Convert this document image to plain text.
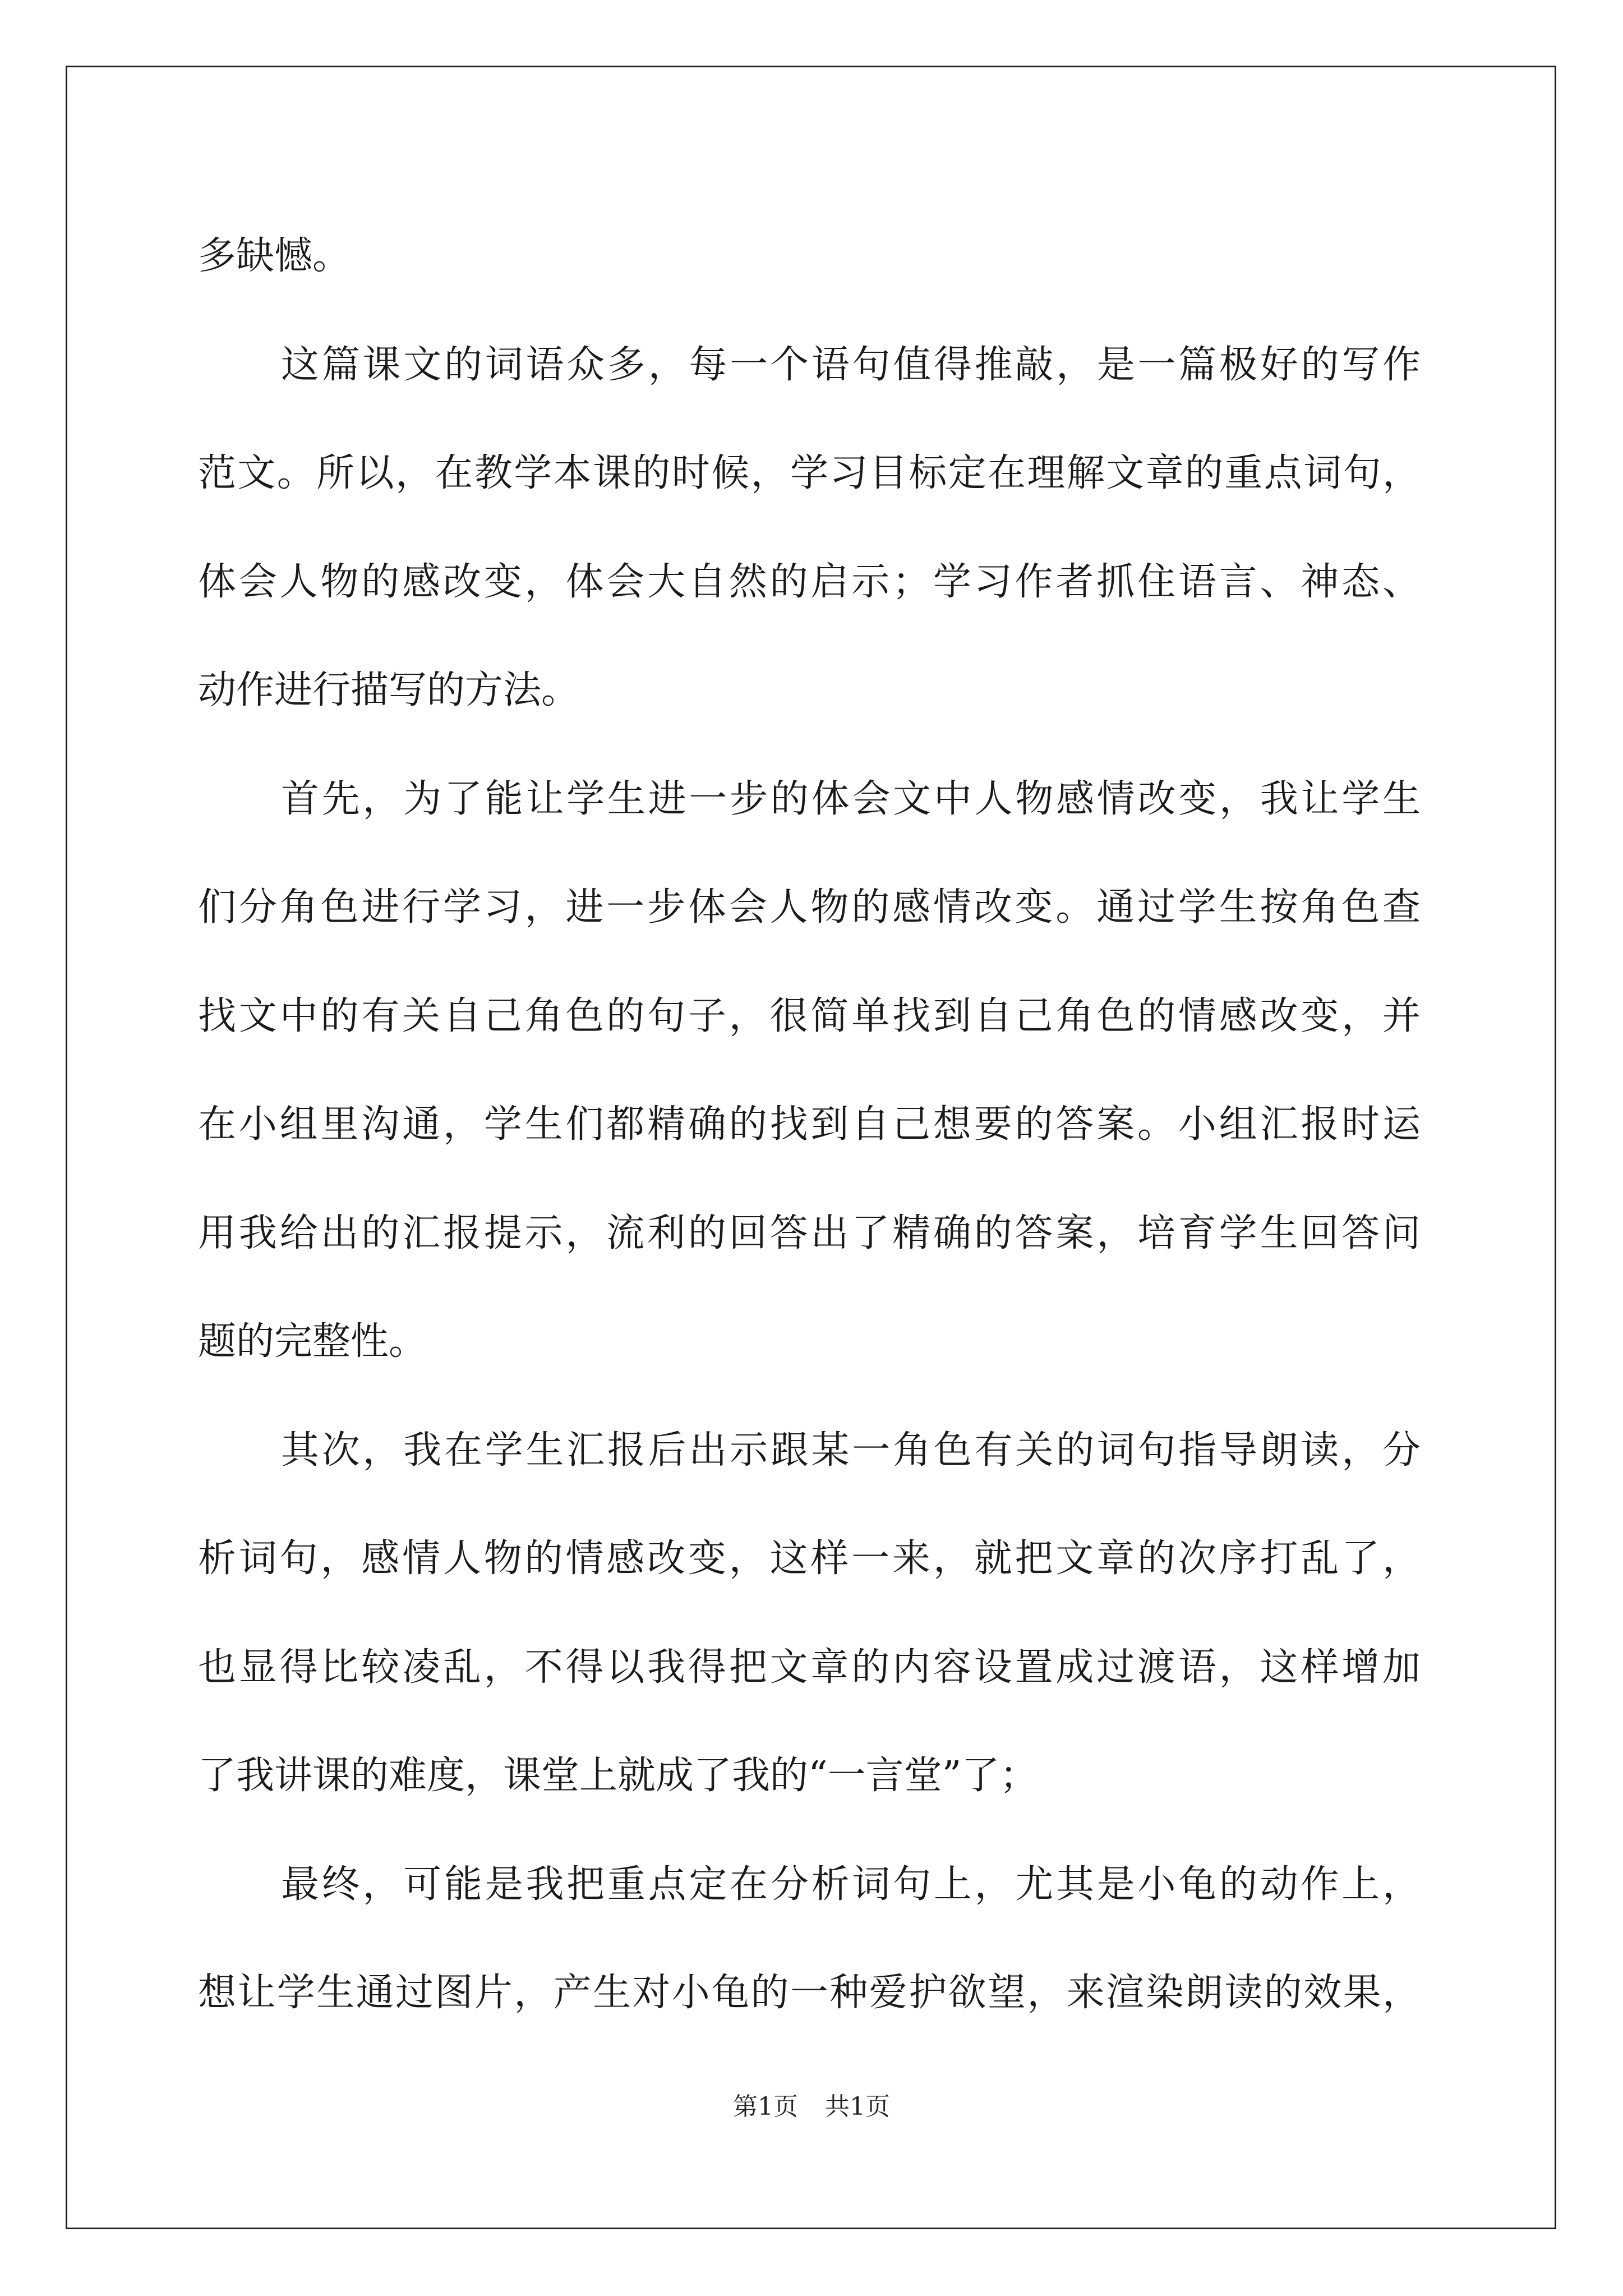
多缺憾。
这篇课文的词语众多，每一个语句值得推敲，是一篇极好的写作
范文。所以，在教学本课的时候，学习目标定在理解文章的重点词句，
体会人物的感改变，体会大自然的启示；学习作者抓住语言、神态、
动作进行描写的方法。
首先，为了能让学生进一步的体会文中人物感情改变，我让学生
们分角色进行学习，进一步体会人物的感情改变。通过学生按角色查
找文中的有关自己角色的句子，很简单找到自己角色的情感改变，并
在小组里沟通，学生们都精确的找到自己想要的答案。小组汇报时运
用我给出的汇报提示，流利的回答出了精确的答案，培育学生回答问
题的完整性。
其次，我在学生汇报后出示跟某一角色有关的词句指导朗读，分
析词句，感情人物的情感改变，这样一来，就把文章的次序打乱了，
也显得比较凌乱，不得以我得把文章的内容设置成过渡语，这样增加
了我讲课的难度，课堂上就成了我的“一言堂”了；
最终，可能是我把重点定在分析词句上，尤其是小龟的动作上，
想让学生通过图片，产生对小龟的一种爱护欲望，来渲染朗读的效果，
第1页 共1页
